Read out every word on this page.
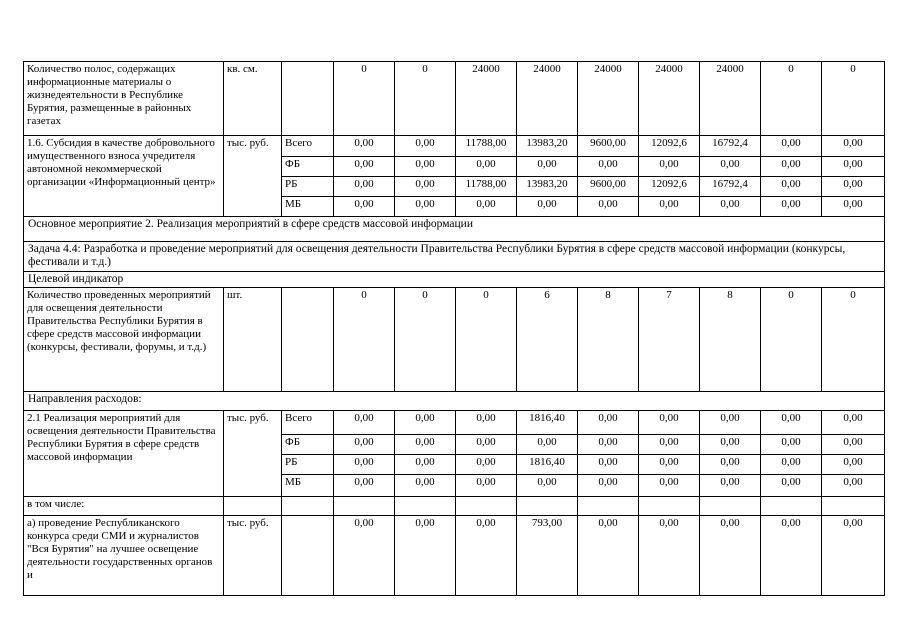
Количество полос, содержащих информационные материалы о жизнедеятельности в Республике Бурятия, размещенные в районных газетах	кв. см.		0	0	24000	24000	24000	24000	24000	0	0
1.6. Субсидия в качестве добровольного имущественного взноса учредителя автономной некоммерческой организации «Информационный центр»	тыс. руб.	Всего	0,00	0,00	11788,00	13983,20	9600,00	12092,6	16792,4	0,00	0,00
		ФБ	0,00	0,00	0,00	0,00	0,00	0,00	0,00	0,00	0,00
		РБ	0,00	0,00	11788,00	13983,20	9600,00	12092,6	16792,4	0,00	0,00
		МБ	0,00	0,00	0,00	0,00	0,00	0,00	0,00	0,00	0,00
Основное мероприятие 2. Реализация мероприятий в сфере средств массовой информации											
Задача 4.4: Разработка и проведение мероприятий для освещения деятельности Правительства Республики Бурятия в сфере средств массовой информации (конкурсы, фестивали и т.д.)											
Целевой индикатор											
Количество проведенных мероприятий для освещения деятельности Правительства Республики Бурятия в сфере средств массовой информации (конкурсы, фестивали, форумы, и т.д.)	шт.		0	0	0	6	8	7	8	0	0
Направления расходов:											
2.1 Реализация мероприятий для освещения деятельности Правительства Республики Бурятия в сфере средств массовой информации	тыс. руб.	Всего	0,00	0,00	0,00	1816,40	0,00	0,00	0,00	0,00	0,00
		ФБ	0,00	0,00	0,00	0,00	0,00	0,00	0,00	0,00	0,00
		РБ	0,00	0,00	0,00	1816,40	0,00	0,00	0,00	0,00	0,00
		МБ	0,00	0,00	0,00	0,00	0,00	0,00	0,00	0,00	0,00
в том числе:											
а) проведение Республиканского конкурса среди СМИ и журналистов "Вся Бурятия" на лучшее освещение деятельности государственных органов и	тыс. руб.		0,00	0,00	0,00	793,00	0,00	0,00	0,00	0,00	0,00
